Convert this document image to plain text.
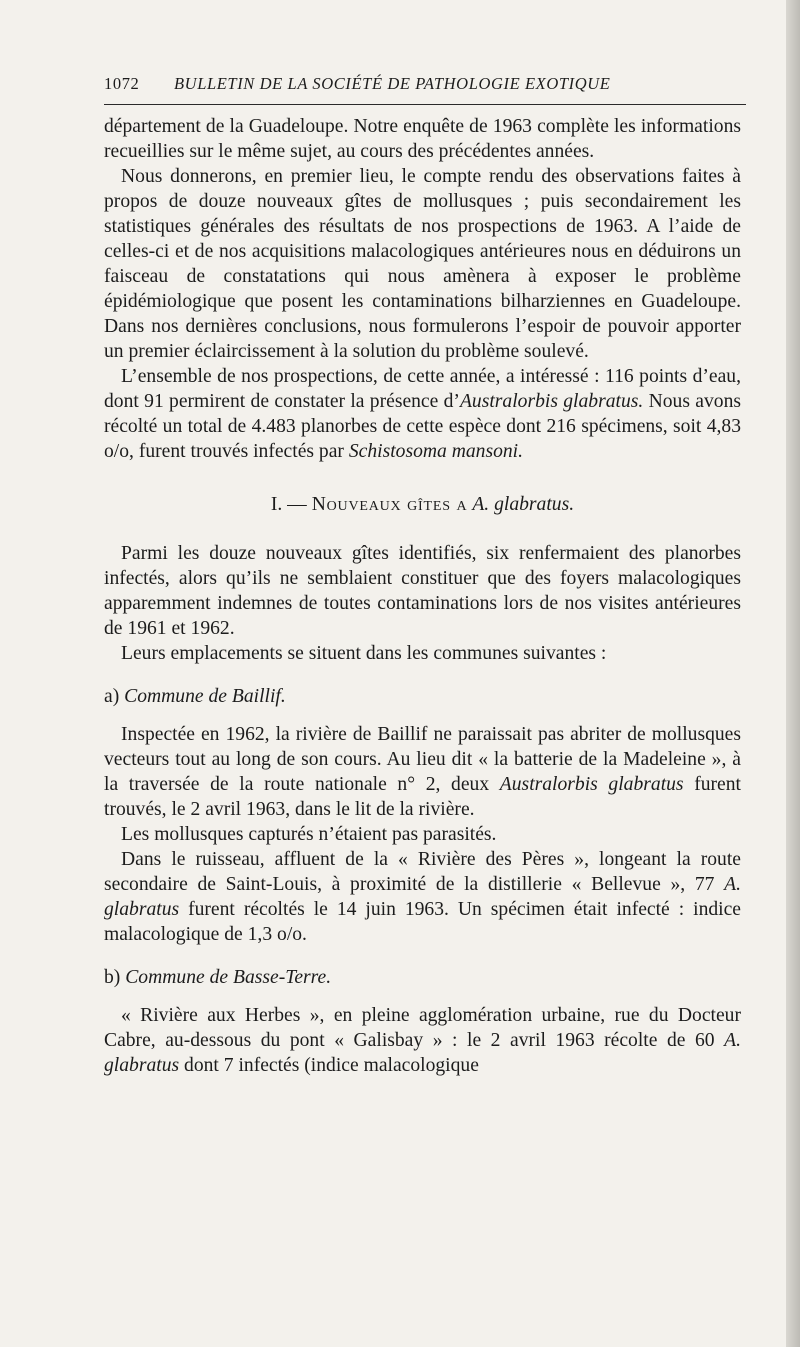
1072	BULLETIN DE LA SOCIÉTÉ DE PATHOLOGIE EXOTIQUE

département de la Guadeloupe. Notre enquête de 1963 complète les informations recueillies sur le même sujet, au cours des précédentes années.

Nous donnerons, en premier lieu, le compte rendu des observations faites à propos de douze nouveaux gîtes de mollusques ; puis secondairement les statistiques générales des résultats de nos prospections de 1963. A l’aide de celles-ci et de nos acquisitions malacologiques antérieures nous en déduirons un faisceau de constatations qui nous amènera à exposer le problème épidémiologique que posent les contaminations bilharziennes en Guadeloupe. Dans nos dernières conclusions, nous formulerons l’espoir de pouvoir apporter un premier éclaircissement à la solution du problème soulevé.

L’ensemble de nos prospections, de cette année, a intéressé : 116 points d’eau, dont 91 permirent de constater la présence d’Australorbis glabratus. Nous avons récolté un total de 4.483 planorbes de cette espèce dont 216 spécimens, soit 4,83 o/o, furent trouvés infectés par Schistosoma mansoni.

I. — Nouveaux gîtes a A. glabratus.

Parmi les douze nouveaux gîtes identifiés, six renfermaient des planorbes infectés, alors qu’ils ne semblaient constituer que des foyers malacologiques apparemment indemnes de toutes contaminations lors de nos visites antérieures de 1961 et 1962.

Leurs emplacements se situent dans les communes suivantes :

a) Commune de Baillif.

Inspectée en 1962, la rivière de Baillif ne paraissait pas abriter de mollusques vecteurs tout au long de son cours. Au lieu dit « la batterie de la Madeleine », à la traversée de la route nationale n° 2, deux Australorbis glabratus furent trouvés, le 2 avril 1963, dans le lit de la rivière.

Les mollusques capturés n’étaient pas parasités.

Dans le ruisseau, affluent de la « Rivière des Pères », longeant la route secondaire de Saint-Louis, à proximité de la distillerie « Bellevue », 77 A. glabratus furent récoltés le 14 juin 1963. Un spécimen était infecté : indice malacologique de 1,3 o/o.

b) Commune de Basse-Terre.

« Rivière aux Herbes », en pleine agglomération urbaine, rue du Docteur Cabre, au-dessous du pont « Galisbay » : le 2 avril 1963 récolte de 60 A. glabratus dont 7 infectés (indice malacologique
